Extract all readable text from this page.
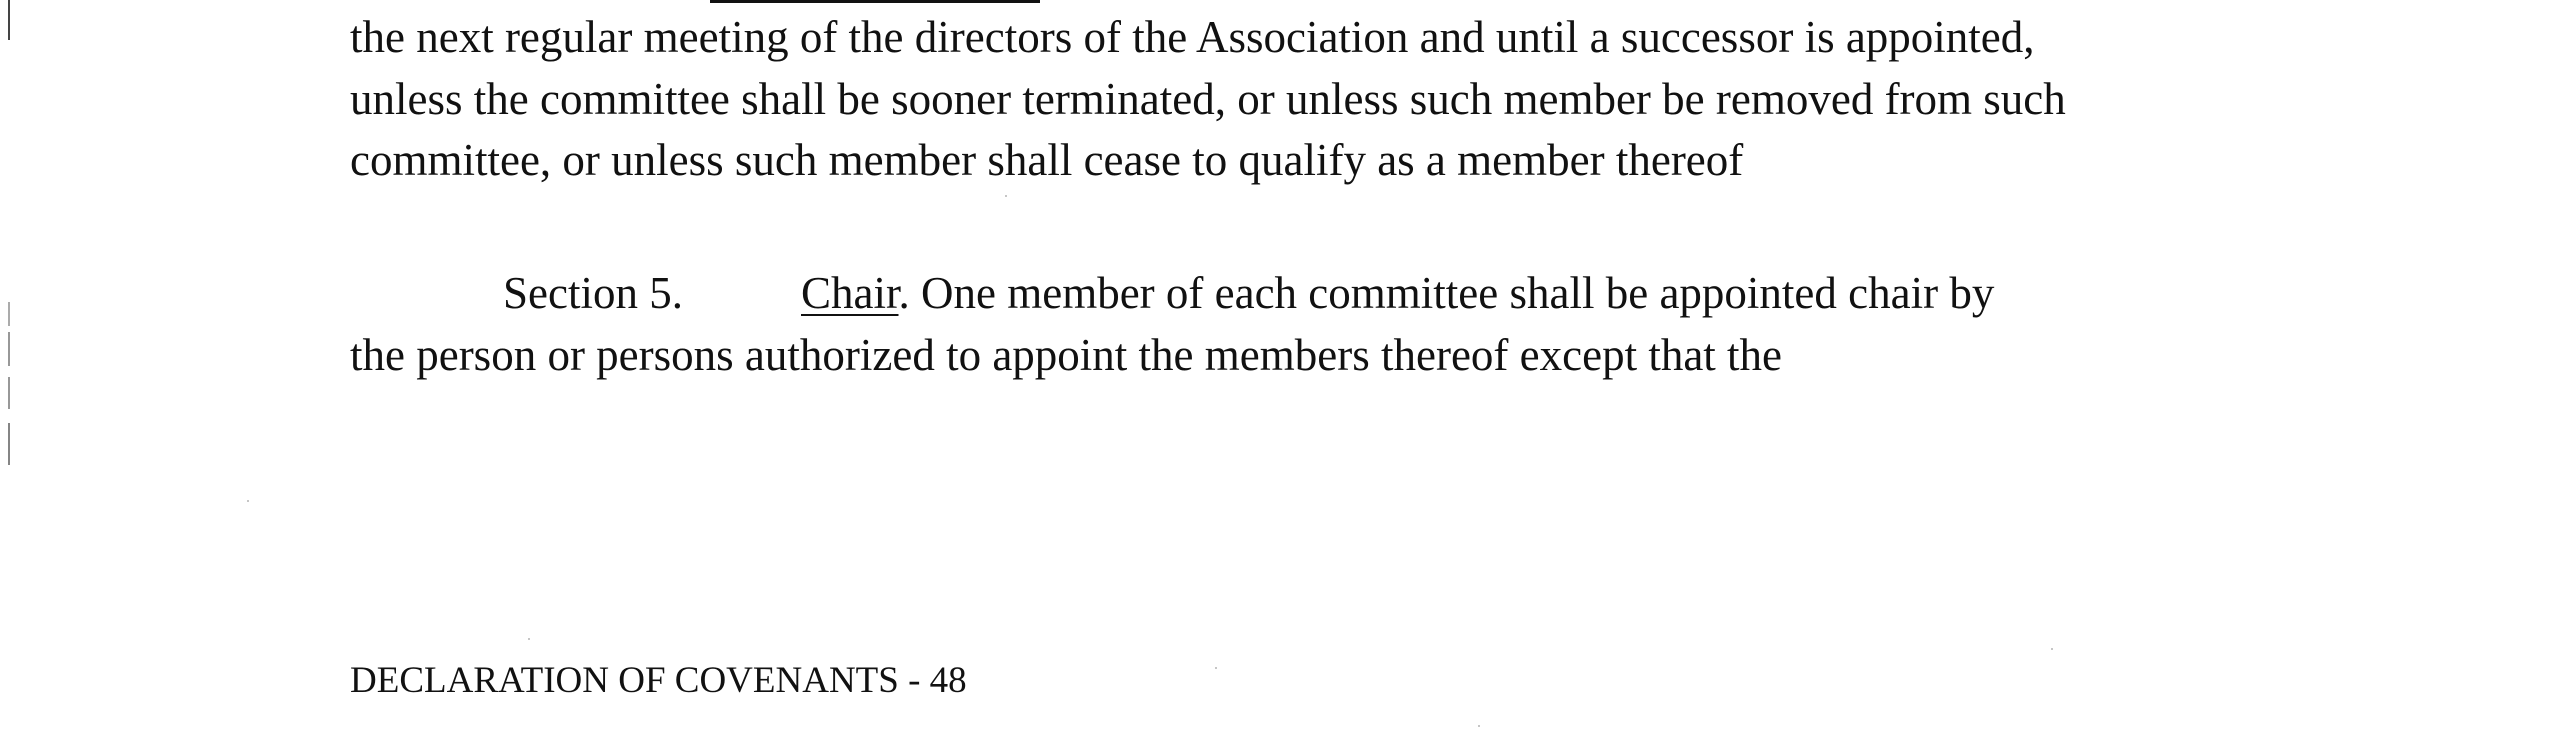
the next regular meeting of the directors of the Association and until a successor is appointed,
unless the committee shall be sooner terminated, or unless such member be removed from such
committee, or unless such member shall cease to qualify as a member thereof
Section 5.	Chair. One member of each committee shall be appointed chair by
the person or persons authorized to appoint the members thereof except that the
DECLARATION OF COVENANTS - 48
